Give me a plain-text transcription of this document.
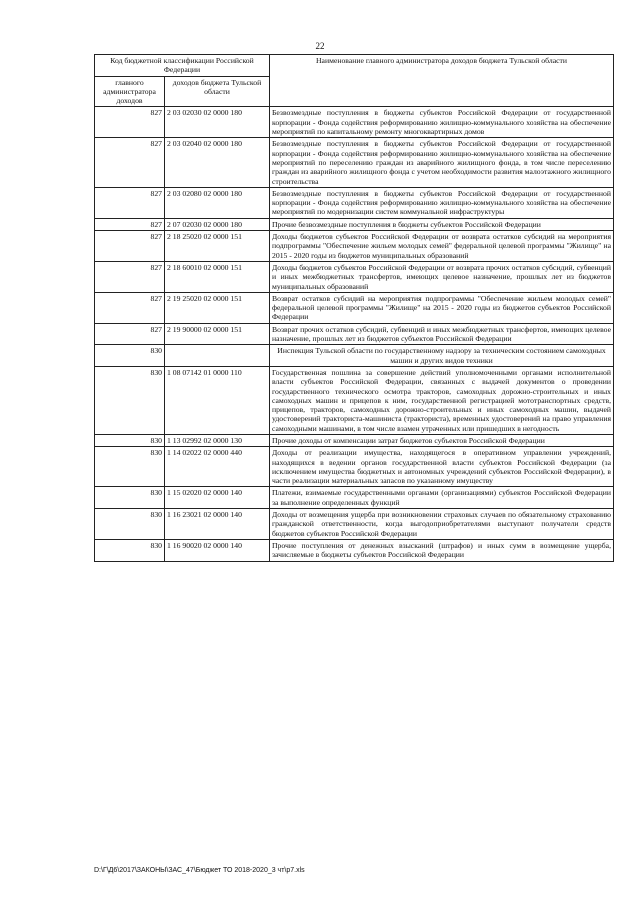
22
Код бюджетной классификации Российской Федерации		Наименование главного администратора доходов бюджета Тульской области
главного администратора доходов	доходов бюджета Тульской области	
827	2 03 02030 02 0000 180	Безвозмездные поступления в бюджеты субъектов Российской Федерации от государственной корпорации - Фонда содействия реформированию жилищно-коммунального хозяйства на обеспечение мероприятий по капитальному ремонту многоквартирных домов
827	2 03 02040 02 0000 180	Безвозмездные поступления в бюджеты субъектов Российской Федерации от государственной корпорации - Фонда содействия реформированию жилищно-коммунального хозяйства на обеспечение мероприятий по переселению граждан из аварийного жилищного фонда, в том числе переселению граждан из аварийного жилищного фонда с учетом необходимости развития малоэтажного жилищного строительства
827	2 03 02080 02 0000 180	Безвозмездные поступления в бюджеты субъектов Российской Федерации от государственной корпорации - Фонда содействия реформированию жилищно-коммунального хозяйства на обеспечение мероприятий по модернизации систем коммунальной инфраструктуры
827	2 07 02030 02 0000 180	Прочие безвозмездные поступления в бюджеты субъектов Российской Федерации
827	2 18 25020 02 0000 151	Доходы бюджетов субъектов Российской Федерации от возврата остатков субсидий на мероприятия подпрограммы "Обеспечение жильем молодых семей" федеральной целевой программы "Жилище" на 2015 - 2020 годы из бюджетов муниципальных образований
827	2 18 60010 02 0000 151	Доходы бюджетов субъектов Российской Федерации от возврата прочих остатков субсидий, субвенций и иных межбюджетных трансфертов, имеющих целевое назначение, прошлых лет из бюджетов муниципальных образований
827	2 19 25020 02 0000 151	Возврат остатков субсидий на мероприятия подпрограммы "Обеспечение жильем молодых семей" федеральной целевой программы "Жилище" на 2015 - 2020 годы из бюджетов субъектов Российской Федерации
827	2 19 90000 02 0000 151	Возврат прочих остатков субсидий, субвенций и иных межбюджетных трансфертов, имеющих целевое назначение, прошлых лет из бюджетов субъектов Российской Федерации
830		Инспекция Тульской области по государственному надзору за техническим состоянием самоходных машин и других видов техники
830	1 08 07142 01 0000 110	Государственная пошлина за совершение действий уполномоченными органами исполнительной власти субъектов Российской Федерации, связанных с выдачей документов о проведении государственного технического осмотра тракторов, самоходных дорожно-строительных и иных самоходных машин и прицепов к ним, государственной регистрацией мототранспортных средств, прицепов, тракторов, самоходных дорожно-строительных и иных самоходных машин, выдачей удостоверений тракториста-машиниста (тракториста), временных удостоверений на право управления самоходными машинами, в том числе взамен утраченных или пришедших в негодность
830	1 13 02992 02 0000 130	Прочие доходы от компенсации затрат бюджетов субъектов Российской Федерации
830	1 14 02022 02 0000 440	Доходы от реализации имущества, находящегося в оперативном управлении учреждений, находящихся в ведении органов государственной власти субъектов Российской Федерации (за исключением имущества бюджетных и автономных учреждений субъектов Российской Федерации), в части реализации материальных запасов по указанному имуществу
830	1 15 02020 02 0000 140	Платежи, взимаемые государственными органами (организациями) субъектов Российской Федерации за выполнение определенных функций
830	1 16 23021 02 0000 140	Доходы от возмещения ущерба при возникновении страховых случаев по обязательному страхованию гражданской ответственности, когда выгодоприобретателями выступают получатели средств бюджетов субъектов Российской Федерации
830	1 16 90020 02 0000 140	Прочие поступления от денежных взысканий (штрафов) и иных сумм в возмещение ущерба, зачисляемые в бюджеты субъектов Российской Федерации
D:\Г\Д6\2017\ЗАКОНЫ\ЗАС_47\Бюджет ТО 2018-2020_3 чт\р7.xls
